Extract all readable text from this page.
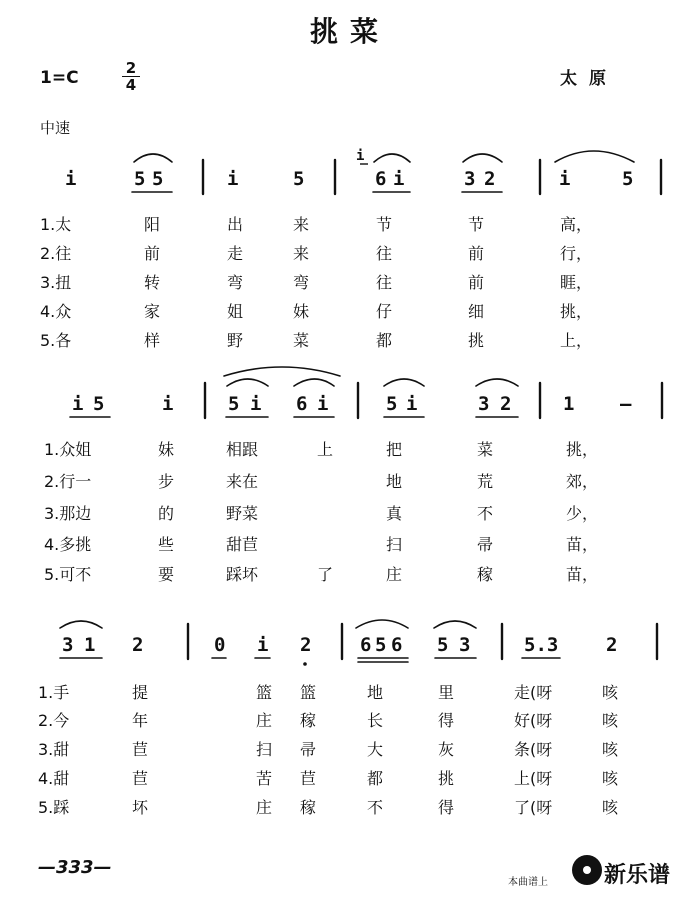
挑菜
1=C	2
4	太原
中速
i	5 5	i	5
i
6 i	3 2	i	5
1.太	阳	出	来	节	节	高，
2.往	前	走	来	往	前	行，
3.扭	转	弯	弯	往	前	睚，
4.众	家	姐	妹	仔	细	挑，
5.各	样	野	菜	都	挑	上，
i 5	i	5 i 6 i	5 i	3 2	1 —
1.众姐	妹	相跟	上	把	菜	挑，
2.行一	步	来在	地	荒	郊，
3.那边	的	野菜	真	不	少，
4.多挑	些	甜苣	扫	帚	苗，
5.可不	要	踩坏	了	庄	稼	苗，
3 1 2	0 i 2	6 5 6 5 3	5.3	2
1.手	提	篮 篮	地	里	走(呀	咳
2.今	年	庄 稼	长	得	好(呀	咳
3.甜	苣	扫 帚	大	灰	条(呀	咳
4.甜	苣	苦 苣	都	挑	上(呀	咳
5.踩	坏	庄 稼	不	得	了(呀	咳
—333—
本曲谱上	新乐谱
